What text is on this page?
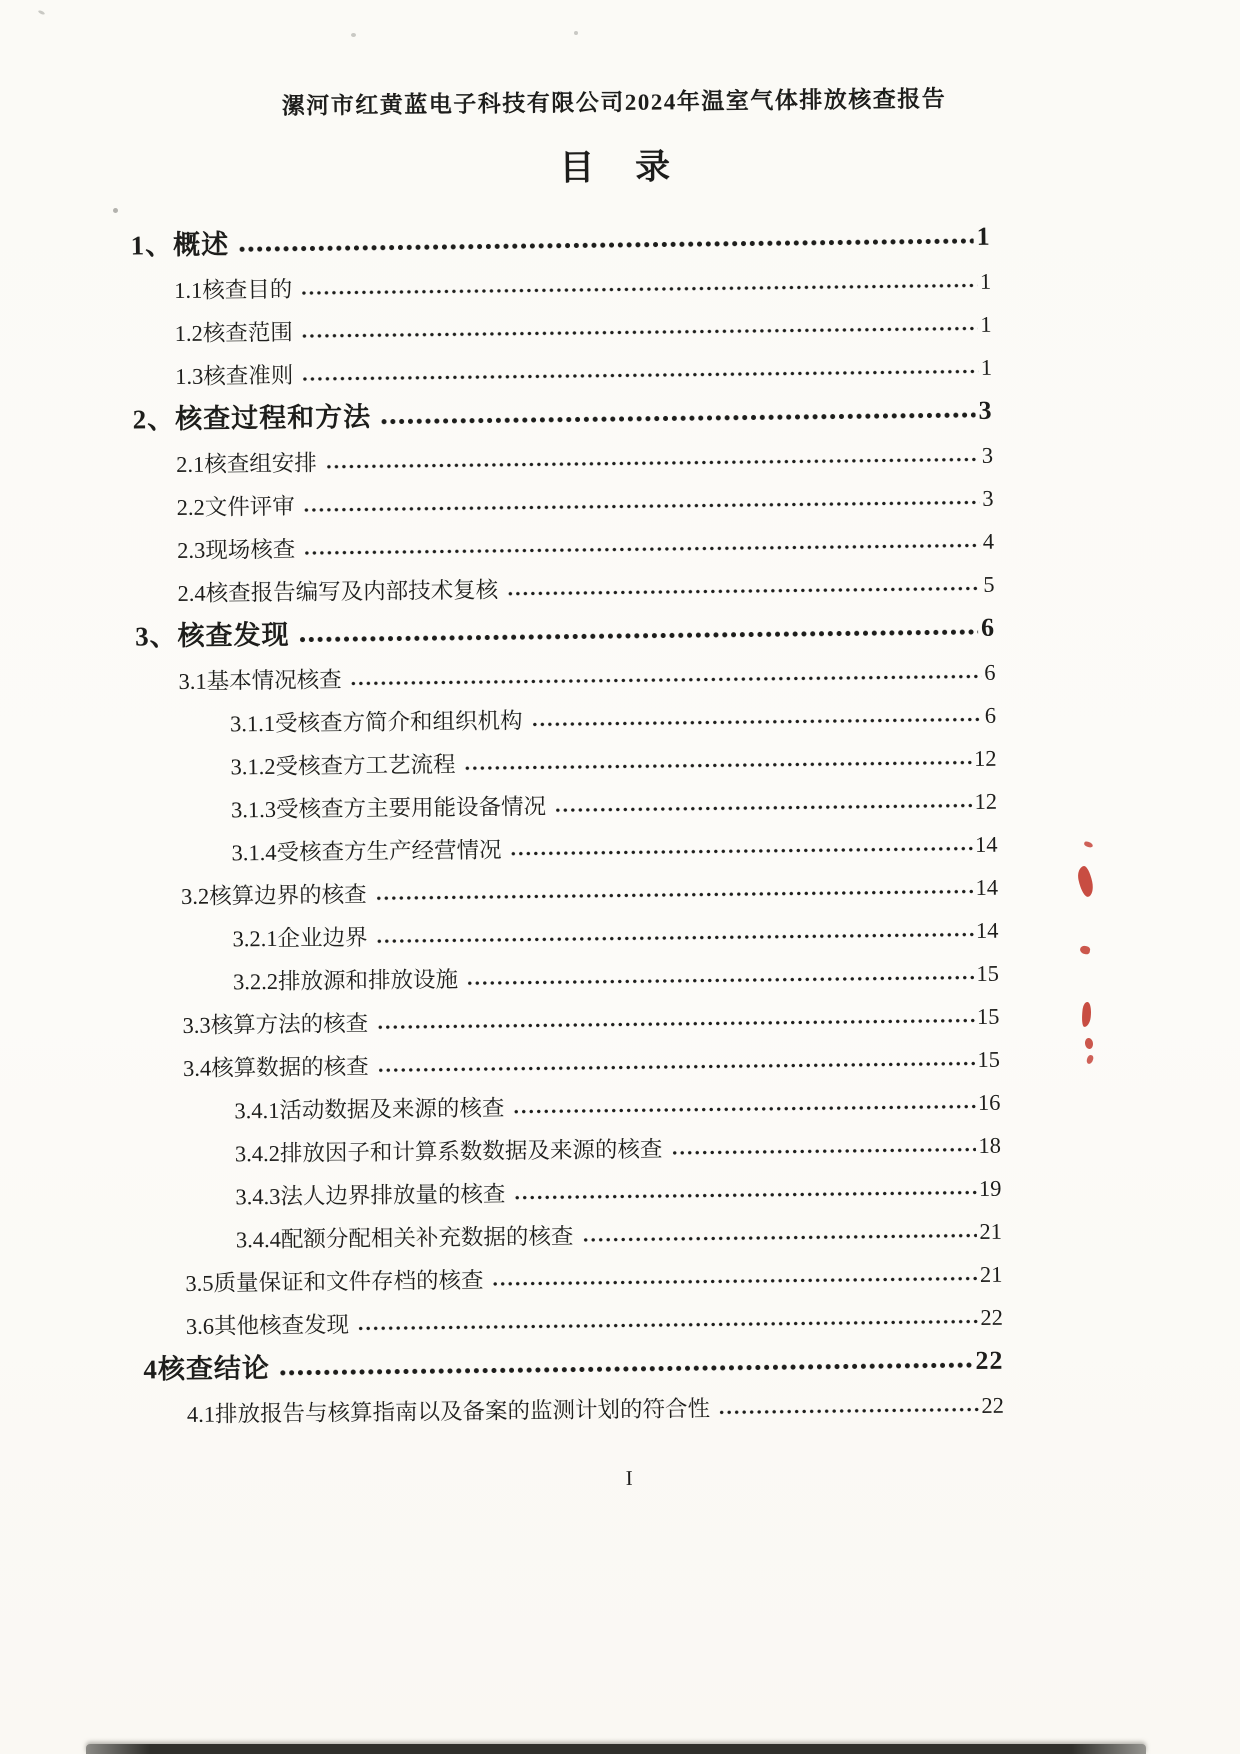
漯河市红黄蓝电子科技有限公司2024年温室气体排放核查报告
目 录
1、概述	1
1.1核查目的	1
1.2核查范围	1
1.3核查准则	1
2、核查过程和方法	3
2.1核查组安排	3
2.2文件评审	3
2.3现场核查	4
2.4核查报告编写及内部技术复核	5
3、核查发现	6
3.1基本情况核查	6
3.1.1受核查方简介和组织机构	6
3.1.2受核查方工艺流程	12
3.1.3受核查方主要用能设备情况	12
3.1.4受核查方生产经营情况	14
3.2核算边界的核查	14
3.2.1企业边界	14
3.2.2排放源和排放设施	15
3.3核算方法的核查	15
3.4核算数据的核查	15
3.4.1活动数据及来源的核查	16
3.4.2排放因子和计算系数数据及来源的核查	18
3.4.3法人边界排放量的核查	19
3.4.4配额分配相关补充数据的核查	21
3.5质量保证和文件存档的核查	21
3.6其他核查发现	22
4核查结论	22
4.1排放报告与核算指南以及备案的监测计划的符合性	22
I
